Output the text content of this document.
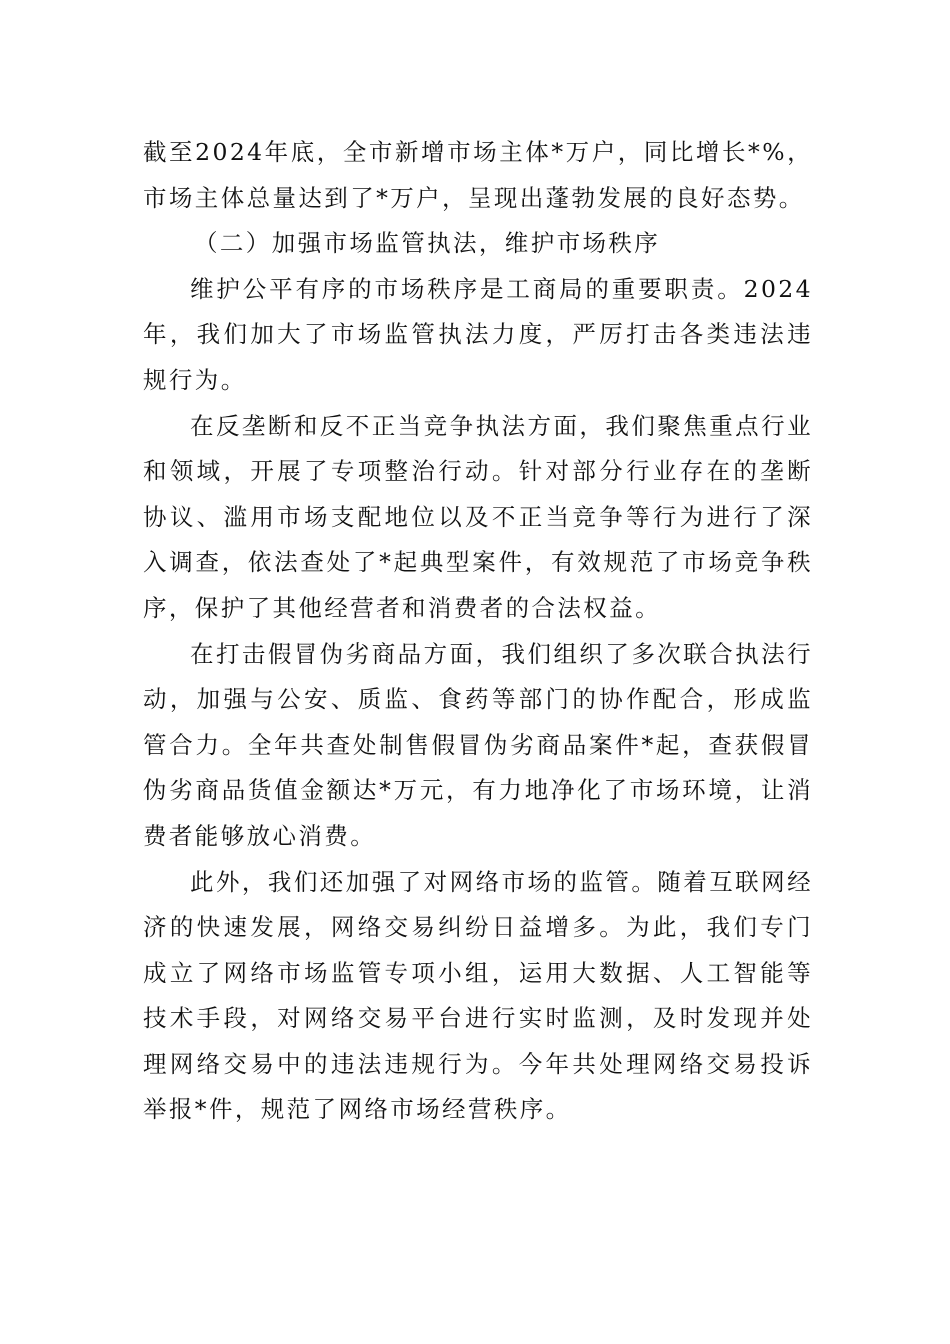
截至2024年底，全市新增市场主体*万户，同比增长*%，市场主体总量达到了*万户，呈现出蓬勃发展的良好态势。

（二）加强市场监管执法，维护市场秩序

维护公平有序的市场秩序是工商局的重要职责。2024年，我们加大了市场监管执法力度，严厉打击各类违法违规行为。

在反垄断和反不正当竞争执法方面，我们聚焦重点行业和领域，开展了专项整治行动。针对部分行业存在的垄断协议、滥用市场支配地位以及不正当竞争等行为进行了深入调查，依法查处了*起典型案件，有效规范了市场竞争秩序，保护了其他经营者和消费者的合法权益。

在打击假冒伪劣商品方面，我们组织了多次联合执法行动，加强与公安、质监、食药等部门的协作配合，形成监管合力。全年共查处制售假冒伪劣商品案件*起，查获假冒伪劣商品货值金额达*万元，有力地净化了市场环境，让消费者能够放心消费。

此外，我们还加强了对网络市场的监管。随着互联网经济的快速发展，网络交易纠纷日益增多。为此，我们专门成立了网络市场监管专项小组，运用大数据、人工智能等技术手段，对网络交易平台进行实时监测，及时发现并处理网络交易中的违法违规行为。今年共处理网络交易投诉举报*件，规范了网络市场经营秩序。
